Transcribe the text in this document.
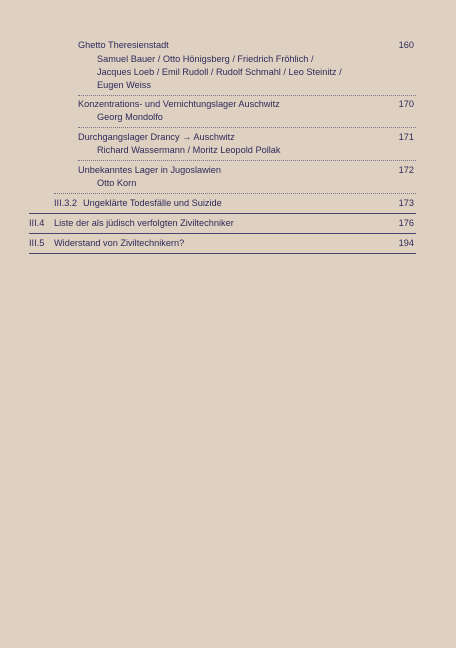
Ghetto Theresienstadt	160
Samuel Bauer / Otto Hönigsberg / Friedrich Fröhlich /
Jacques Loeb / Emil Rudoll / Rudolf Schmahl / Leo Steinitz /
Eugen Weiss
Konzentrations- und Vernichtungslager Auschwitz	170
Georg Mondolfo
Durchgangslager Drancy → Auschwitz	171
Richard Wassermann / Moritz Leopold Pollak
Unbekanntes Lager in Jugoslawien	172
Otto Korn
III.3.2 Ungeklärte Todesfälle und Suizide	173
III.4 Liste der als jüdisch verfolgten Ziviltechniker	176
III.5 Widerstand von Ziviltechnikern?	194
